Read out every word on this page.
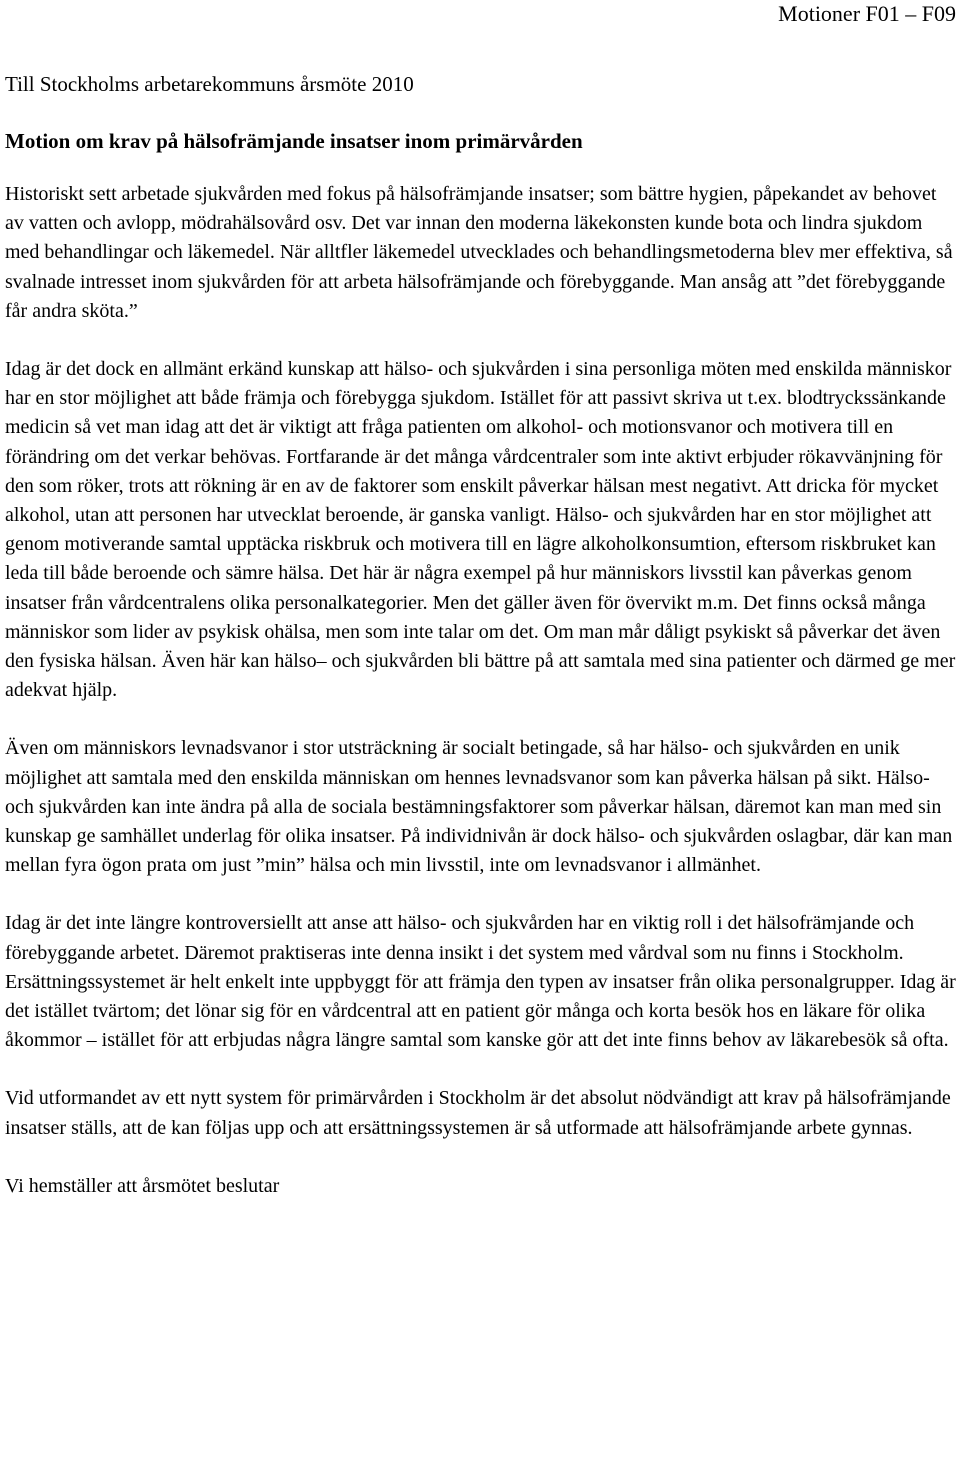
Motioner F01 – F09

Till Stockholms arbetarekommuns årsmöte 2010

Motion om krav på hälsofrämjande insatser inom primärvården

Historiskt sett arbetade sjukvården med fokus på hälsofrämjande insatser; som bättre hygien, påpekandet av behovet av vatten och avlopp, mödrahälsovård osv. Det var innan den moderna läkekonsten kunde bota och lindra sjukdom med behandlingar och läkemedel. När alltfler läkemedel utvecklades och behandlingsmetoderna blev mer effektiva, så svalnade intresset inom sjukvården för att arbeta hälsofrämjande och förebyggande. Man ansåg att ”det förebyggande får andra sköta.”

Idag är det dock en allmänt erkänd kunskap att hälso- och sjukvården i sina personliga möten med enskilda människor har en stor möjlighet att både främja och förebygga sjukdom. Istället för att passivt skriva ut t.ex. blodtryckssänkande medicin så vet man idag att det är viktigt att fråga patienten om alkohol- och motionsvanor och motivera till en förändring om det verkar behövas. Fortfarande är det många vårdcentraler som inte aktivt erbjuder rökavvänjning för den som röker, trots att rökning är en av de faktorer som enskilt påverkar hälsan mest negativt. Att dricka för mycket alkohol, utan att personen har utvecklat beroende, är ganska vanligt. Hälso- och sjukvården har en stor möjlighet att genom motiverande samtal upptäcka riskbruk och motivera till en lägre alkoholkonsumtion, eftersom riskbruket kan leda till både beroende och sämre hälsa. Det här är några exempel på hur människors livsstil kan påverkas genom insatser från vårdcentralens olika personalkategorier. Men det gäller även för övervikt m.m. Det finns också många människor som lider av psykisk ohälsa, men som inte talar om det. Om man mår dåligt psykiskt så påverkar det även den fysiska hälsan. Även här kan hälso– och sjukvården bli bättre på att samtala med sina patienter och därmed ge mer adekvat hjälp.

Även om människors levnadsvanor i stor utsträckning är socialt betingade, så har hälso- och sjukvården en unik möjlighet att samtala med den enskilda människan om hennes levnadsvanor som kan påverka hälsan på sikt. Hälso- och sjukvården kan inte ändra på alla de sociala bestämningsfaktorer som påverkar hälsan, däremot kan man med sin kunskap ge samhället underlag för olika insatser. På individnivån är dock hälso- och sjukvården oslagbar, där kan man mellan fyra ögon prata om just ”min” hälsa och min livsstil, inte om levnadsvanor i allmänhet.

Idag är det inte längre kontroversiellt att anse att hälso- och sjukvården har en viktig roll i det hälsofrämjande och förebyggande arbetet. Däremot praktiseras inte denna insikt i det system med vårdval som nu finns i Stockholm. Ersättningssystemet är helt enkelt inte uppbyggt för att främja den typen av insatser från olika personalgrupper. Idag är det istället tvärtom; det lönar sig för en vårdcentral att en patient gör många och korta besök hos en läkare för olika åkommor – istället för att erbjudas några längre samtal som kanske gör att det inte finns behov av läkarebesök så ofta.

Vid utformandet av ett nytt system för primärvården i Stockholm är det absolut nödvändigt att krav på hälsofrämjande insatser ställs, att de kan följas upp och att ersättningssystemen är så utformade att hälsofrämjande arbete gynnas.

Vi hemställer att årsmötet beslutar
